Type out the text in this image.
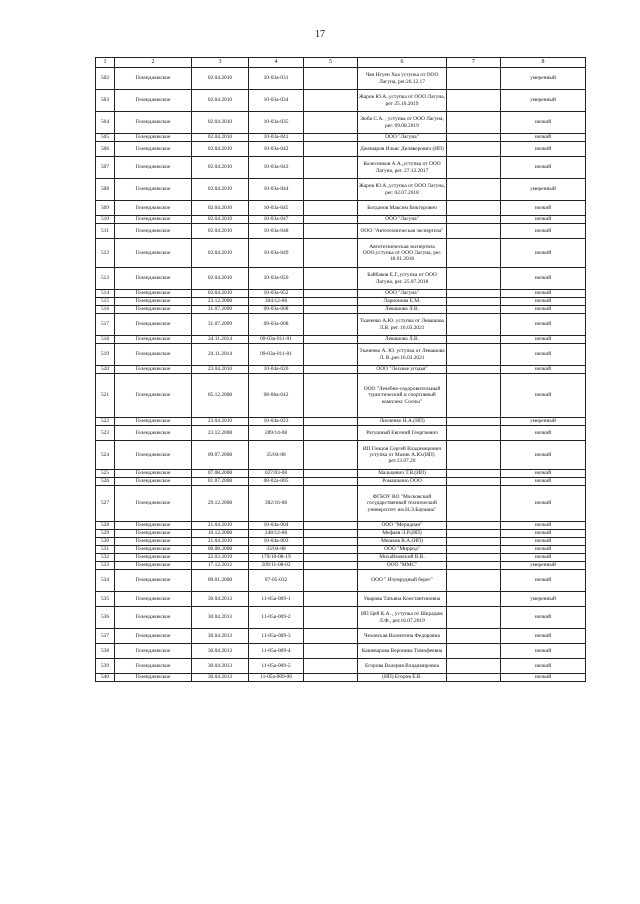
17
1	2	3	4	5	6	7	8
502	Геленджикское	02.04.2010	10-03а-031		Чан Нгуен Хоа уступка от ООО Лагуна, рег.26.12.17		умеренный
503	Геленджикское	02.04.2010	10-03а-034		Жаров Ю.А.,уступка от ООО Лагуна, рег 25.10.2019		умеренный
504	Геленджикское	02.04.2010	10-03а-035		Зюба С.А. , уступка от ООО Лагуна, рег. 09.08.2019		низкий
505	Геленджикское	02.04.2010	10-03а-041		ООО "Лагуна"		низкий
506	Геленджикское	02.04.2010	10-03а-042		Джешаров Ильяс Диляверович (ИП)		низкий
507	Геленджикское	02.04.2010	10-03а-043		Колесников А.А.,уступка от ООО Лагуна, рег. 27.12.2017		низкий
508	Геленджикское	02.04.2010	10-03а-044		Жаров Ю.А.,уступка от ООО Лагуна, рег. 02.07.2018		умеренный
509	Геленджикское	02.04.2010	10-03а-045		Богданов Максим Викторович		низкий
510	Геленджикское	02.04.2010	10-03а-047		ООО "Лагуна"		низкий
511	Геленджикское	02.04.2010	10-03а-048		ООО "Автотехническая экспертиза"		низкий
512	Геленджикское	02.04.2010	10-03а-049		Автотехническая экспертиза ООО,уступка от ООО Лагуна, рег. 18.01.2018		низкий
513	Геленджикское	02.04.2010	10-03а-050		Байбаков Е.Г.,уступка от ООО Лагуна, рег. 25.07.2018		низкий
514	Геленджикское	02.04.2010	10-03а-052		ООО "Лагуна"		низкий
515	Геленджикское	23.12.2008	304/12-08		Ларионова Е.М.		низкий
516	Геленджикское	31.07.2009	09-03а-008		Левашова Л.В.		низкий
517	Геленджикское	31.07.2009	09-03а-008		Ткаченко А.Ю. уступка от Левашова Л.В. рег. 16.03.2021		низкий
518	Геленджикское	24.11.2014	09-03а-011-01		Левашова Л.В.		низкий
519	Геленджикское	24.11.2014	09-03а-011-01		Ткаченко А. Ю. уступка от Левашова Л. В.,рег.16.03.2021		низкий
520	Геленджикское	23.04.2010	10-04а-020		ООО "Лесные угодья"		низкий
521	Геленджикское	05.12.2008	08-06а-042		ООО "Лечебно-оздоровительный туристический и спортивный комплекс Сосны"		низкий
522	Геленджикское	23.04.2010	10-04а-023		Лисненко Н.А.(ИП)		умеренный
523	Геленджикское	23.12.2008	289/14-08		Ратушный Евгений Георгиевич		низкий
524	Геленджикское	09.07.2008	35/04-08		ИП Гонцов Сергей Владимирович уступка от Мазик А.Ю.(ИП) рег.13.07.20		низкий
525	Геленджикское	07.08.2008	027/03-08		Мальцевич Т.В.(ИП)		низкий
526	Геленджикское	01.07.2008	08-02а-005		Ромашкино ООО		низкий
527	Геленджикское	29.12.2008	382/16-08		ФГБОУ ВО "Московский государственный технический университет им.Н.Э.Баумана"		низкий
528	Геленджикское	21.04.2010	10-04а-004		ООО "Меридиан"		низкий
529	Геленджикское	10.12.2008	248/12-08		Мефаев Л.Р.(ИП)		низкий
530	Геленджикское	21.04.2010	10-04а-003		Мешков В.А.(ИП)		низкий
531	Геленджикское	06.08.2008	33/04-08		ООО "Миррод"		низкий
532	Геленджикское	22.03.2019	179/10-08-19		Михайловский В.В.		низкий
533	Геленджикское	17.12.2012	209/11-08-02		ООО "ММС"		умеренный
534	Геленджикское	09.01.2008	07-05-032		ООО " Изумрудный берег"		низкий
535	Геленджикское	30.04.2013	11-05а-009-1		Уварова Татьяна Константиновна		умеренный
536	Геленджикское	30.04.2013	11-05а-009-2		ИП Цей К.А. , уступка от Шкрадюк Л.Ф., рег.16.07.2019		низкий
537	Геленджикское	30.04.2013	11-05а-009-3		Чеховская Валентина Федоровна		низкий
538	Геленджикское	30.04.2013	11-05а-009-4		Кашеварова Вероника Тимофеевна		низкий
539	Геленджикское	30.04.2013	11-05а-009-5		Егорова Валерия Владимировна		низкий
540	Геленджикское	30.04.2013	11-05а-009-06		(ИП) Егоров Е.В.		низкий
